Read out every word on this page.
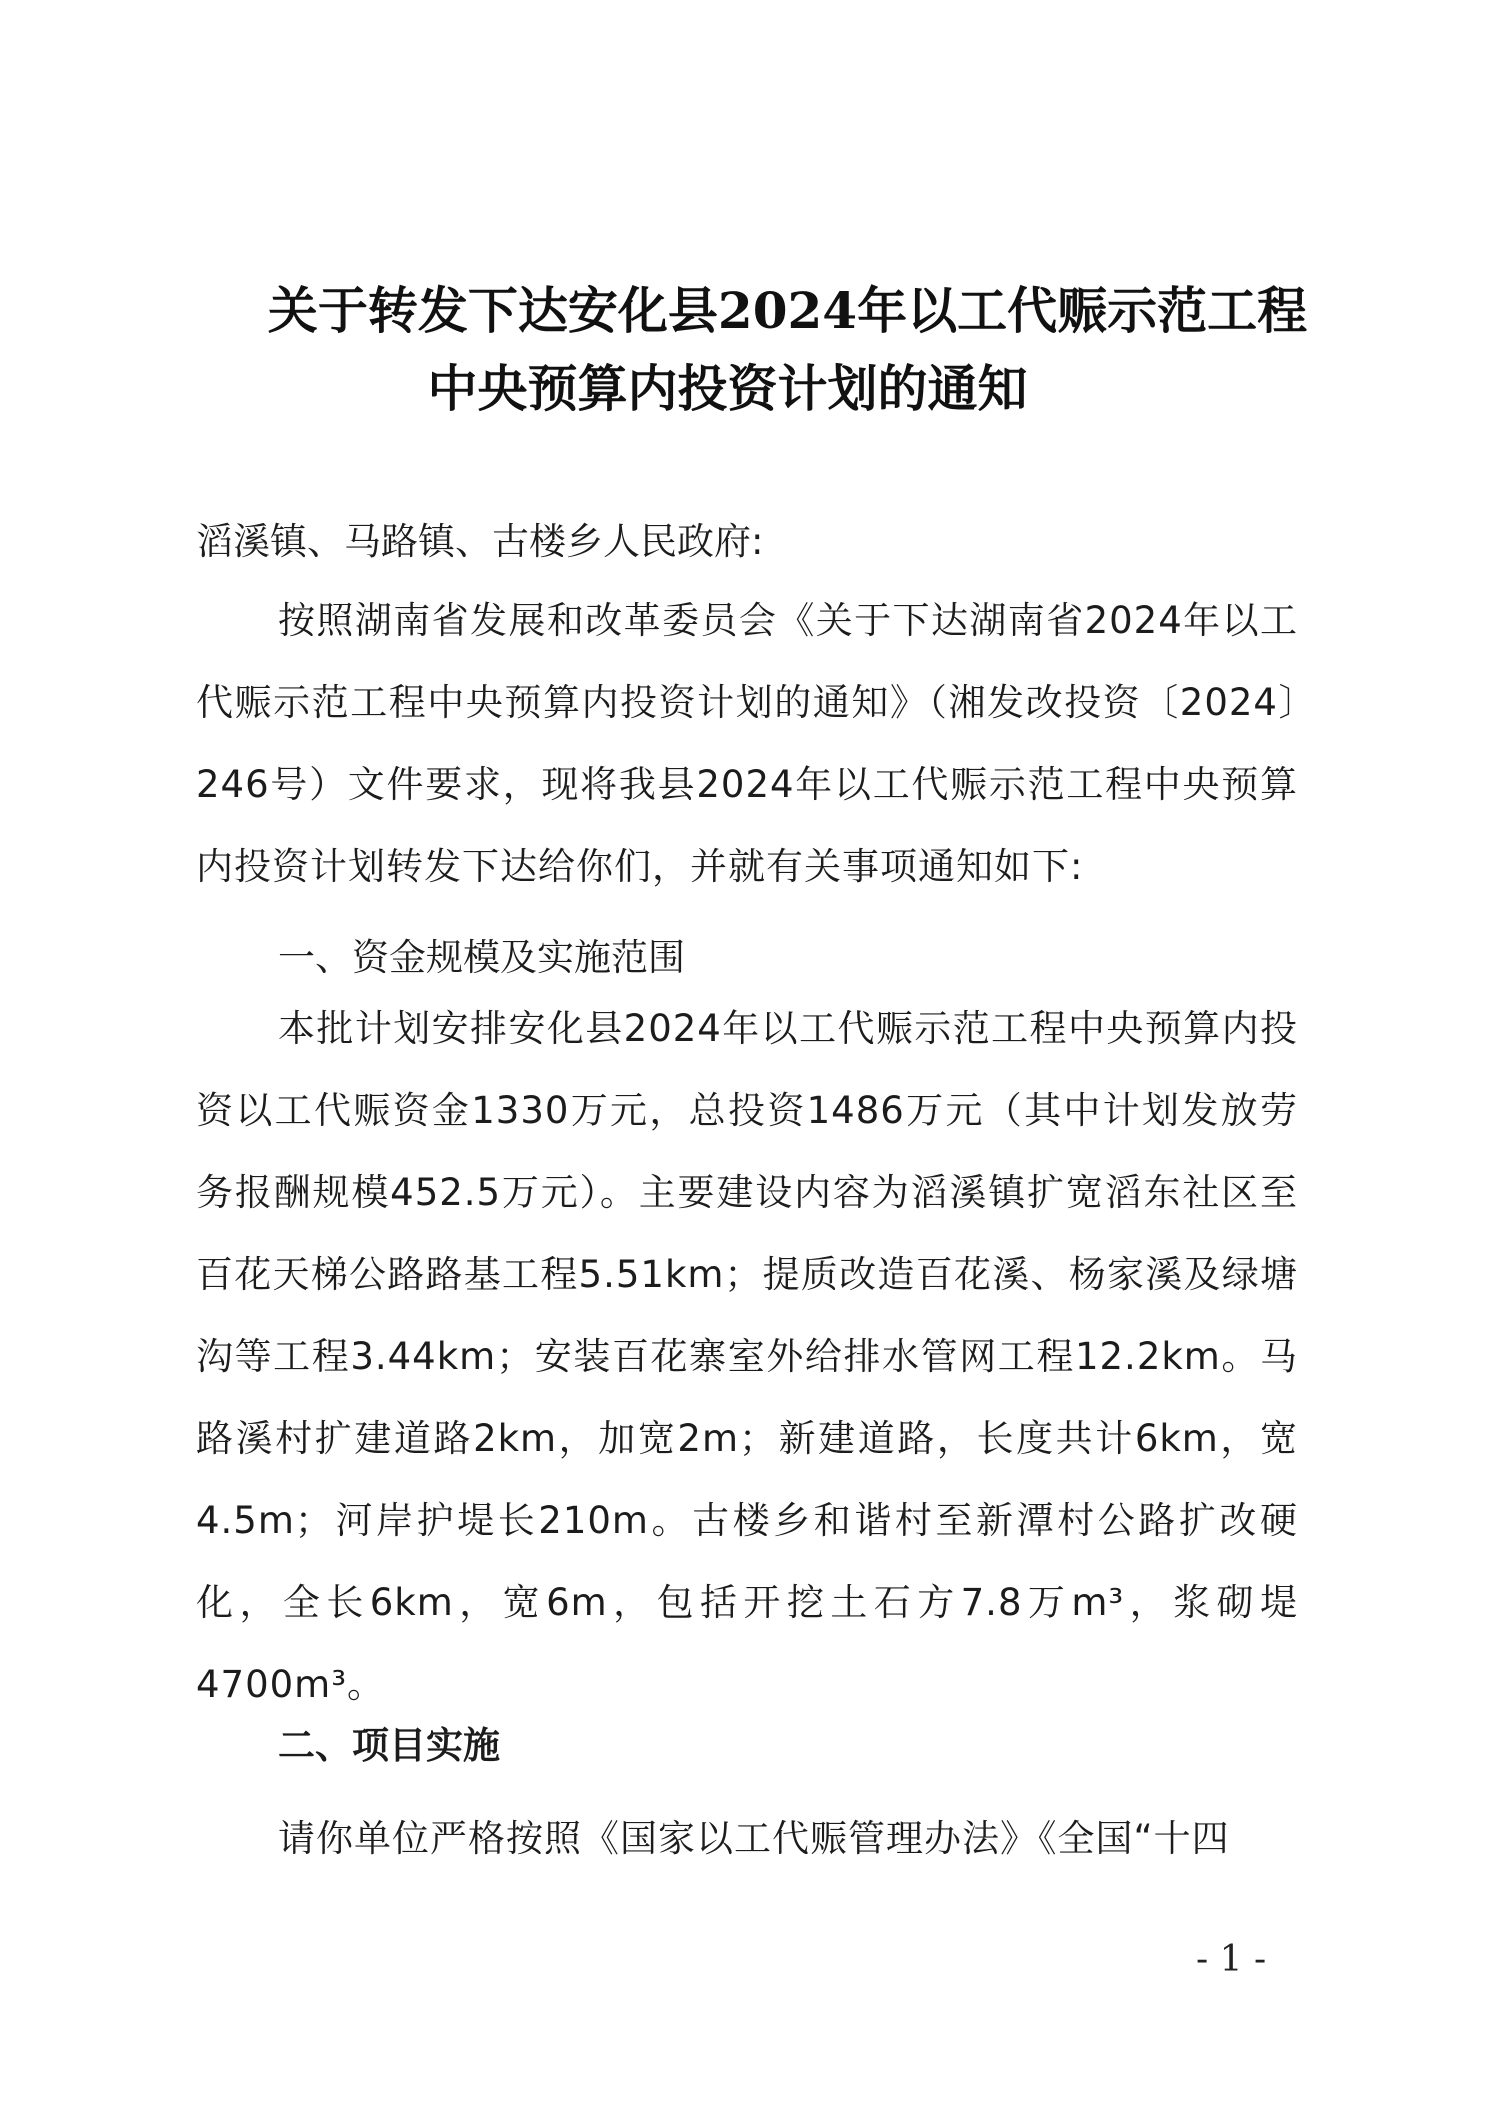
关于转发下达安化县2024年以工代赈示范工程
中央预算内投资计划的通知

滔溪镇、马路镇、古楼乡人民政府:

按照湖南省发展和改革委员会《关于下达湖南省2024年以工代赈示范工程中央预算内投资计划的通知》（湘发改投资〔2024〕246号）文件要求，现将我县2024年以工代赈示范工程中央预算内投资计划转发下达给你们，并就有关事项通知如下:

一、资金规模及实施范围

本批计划安排安化县2024年以工代赈示范工程中央预算内投资以工代赈资金1330万元，总投资1486万元（其中计划发放劳务报酬规模452.5万元）。主要建设内容为滔溪镇扩宽滔东社区至百花天梯公路路基工程5.51km；提质改造百花溪、杨家溪及绿塘沟等工程3.44km；安装百花寨室外给排水管网工程12.2km。马路溪村扩建道路2km，加宽2m；新建道路，长度共计6km，宽4.5m；河岸护堤长210m。古楼乡和谐村至新潭村公路扩改硬化，全长6km，宽6m，包括开挖土石方7.8万m³，浆砌堤4700m³。

二、项目实施

请你单位严格按照《国家以工代赈管理办法》《全国“十四

- 1 -
